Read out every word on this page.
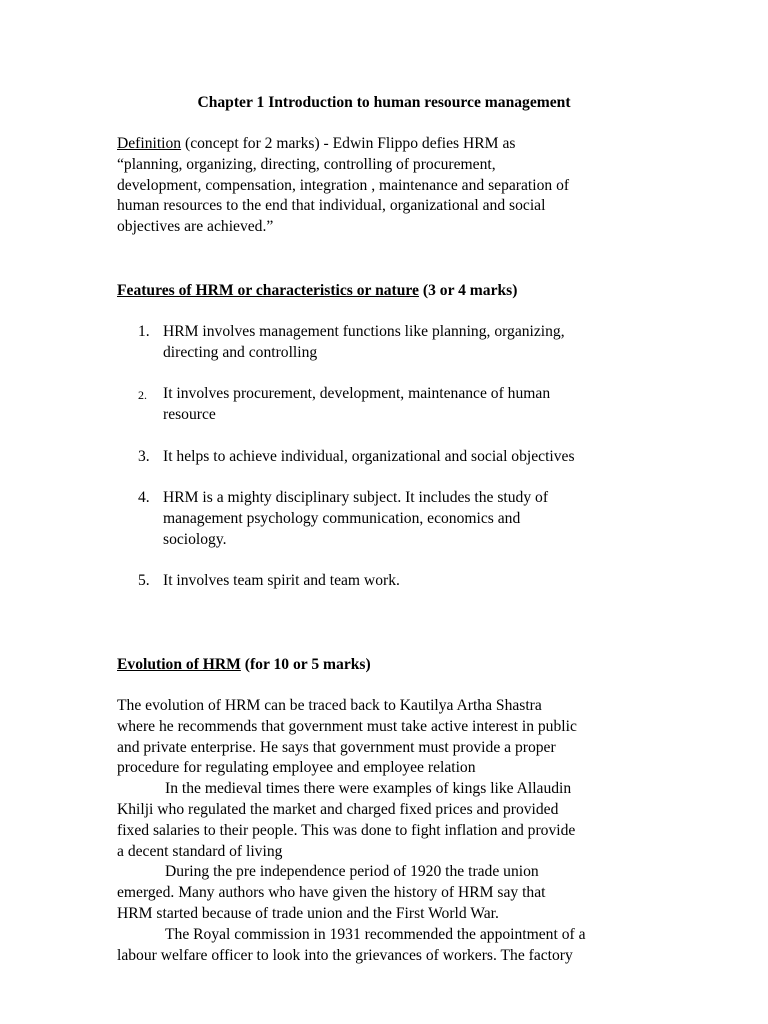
Chapter 1 Introduction to human resource management
Definition (concept for 2 marks) - Edwin Flippo defies HRM as
“planning, organizing, directing, controlling of procurement,
development, compensation, integration , maintenance and separation of
human resources to the end that individual, organizational and social
objectives are achieved.”
Features of HRM or characteristics or nature (3 or 4 marks)
1. HRM involves management functions like planning, organizing,
directing and controlling
2.	It involves procurement, development, maintenance of human
resource
3. It helps to achieve individual, organizational and social objectives
4. HRM is a mighty disciplinary subject. It includes the study of
management psychology communication, economics and
sociology.
5. It involves team spirit and team work.
Evolution of HRM (for 10 or 5 marks)
The evolution of HRM can be traced back to Kautilya Artha Shastra
where he recommends that government must take active interest in public
and private enterprise. He says that government must provide a proper
procedure for regulating employee and employee relation
In the medieval times there were examples of kings like Allaudin
Khilji who regulated the market and charged fixed prices and provided
fixed salaries to their people. This was done to fight inflation and provide
a decent standard of living
During the pre independence period of 1920 the trade union
emerged. Many authors who have given the history of HRM say that
HRM started because of trade union and the First World War.
The Royal commission in 1931 recommended the appointment of a
labour welfare officer to look into the grievances of workers. The factory
